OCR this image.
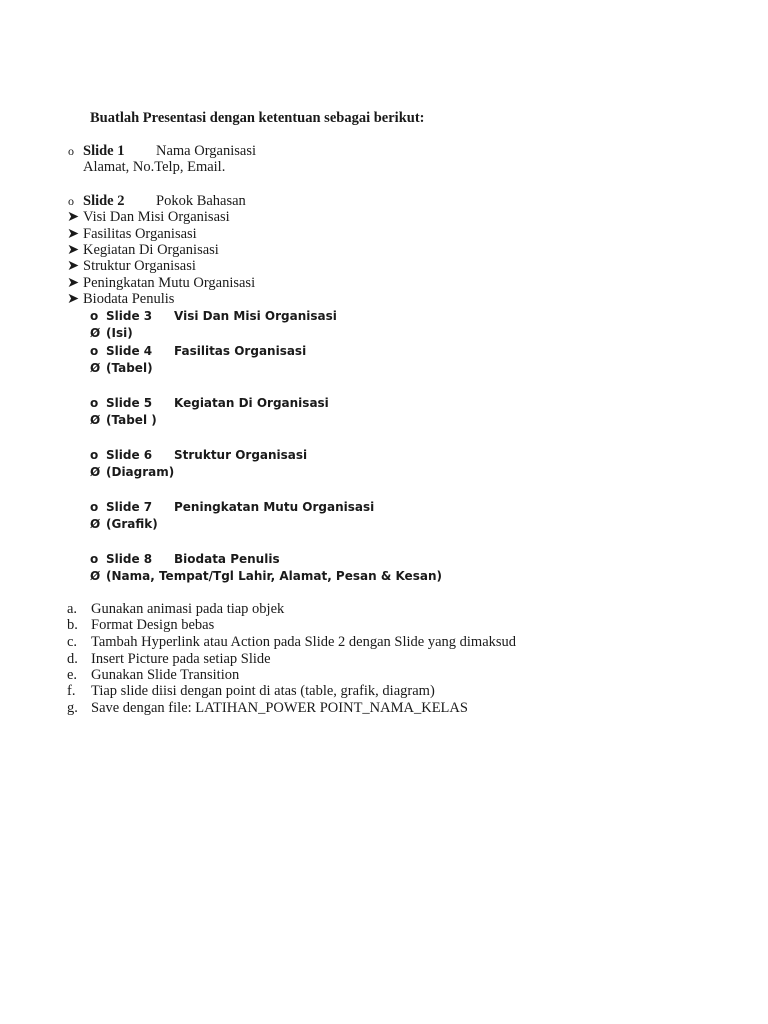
Buatlah Presentasi dengan ketentuan sebagai berikut:
o Slide 1 Nama Organisasi
Alamat, No.Telp, Email.
o Slide 2 Pokok Bahasan
➤ Visi Dan Misi Organisasi
➤ Fasilitas Organisasi
➤ Kegiatan Di Organisasi
➤ Struktur Organisasi
➤ Peningkatan Mutu Organisasi
➤ Biodata Penulis
o Slide 3 Visi Dan Misi Organisasi
Ø (Isi)
o Slide 4 Fasilitas Organisasi
Ø (Tabel)
o Slide 5 Kegiatan Di Organisasi
Ø (Tabel )
o Slide 6 Struktur Organisasi
Ø (Diagram)
o Slide 7 Peningkatan Mutu Organisasi
Ø (Grafik)
o Slide 8 Biodata Penulis
Ø (Nama, Tempat/Tgl Lahir, Alamat, Pesan & Kesan)
a. Gunakan animasi pada tiap objek
b. Format Design bebas
c. Tambah Hyperlink atau Action pada Slide 2 dengan Slide yang dimaksud
d. Insert Picture pada setiap Slide
e. Gunakan Slide Transition
f. Tiap slide diisi dengan point di atas (table, grafik, diagram)
g. Save dengan file: LATIHAN_POWER POINT_NAMA_KELAS
